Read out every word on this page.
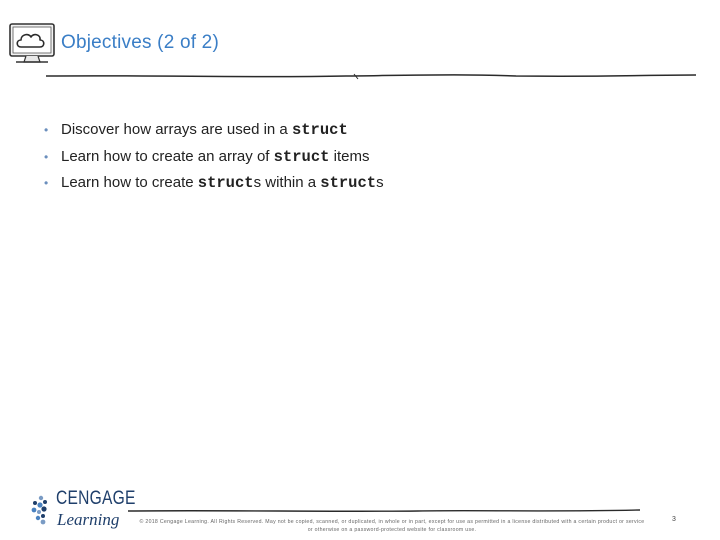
Objectives (2 of 2)
• Discover how arrays are used in a struct
• Learn how to create an array of struct items
• Learn how to create structs within a structs
CENGAGE
Learning	© 2018 Cengage Learning. All Rights Reserved. May not be copied, scanned, or duplicated, in whole or in part, except for use as permitted in a license distributed with a certain product or service
or otherwise on a password-protected website for classroom use.
3
